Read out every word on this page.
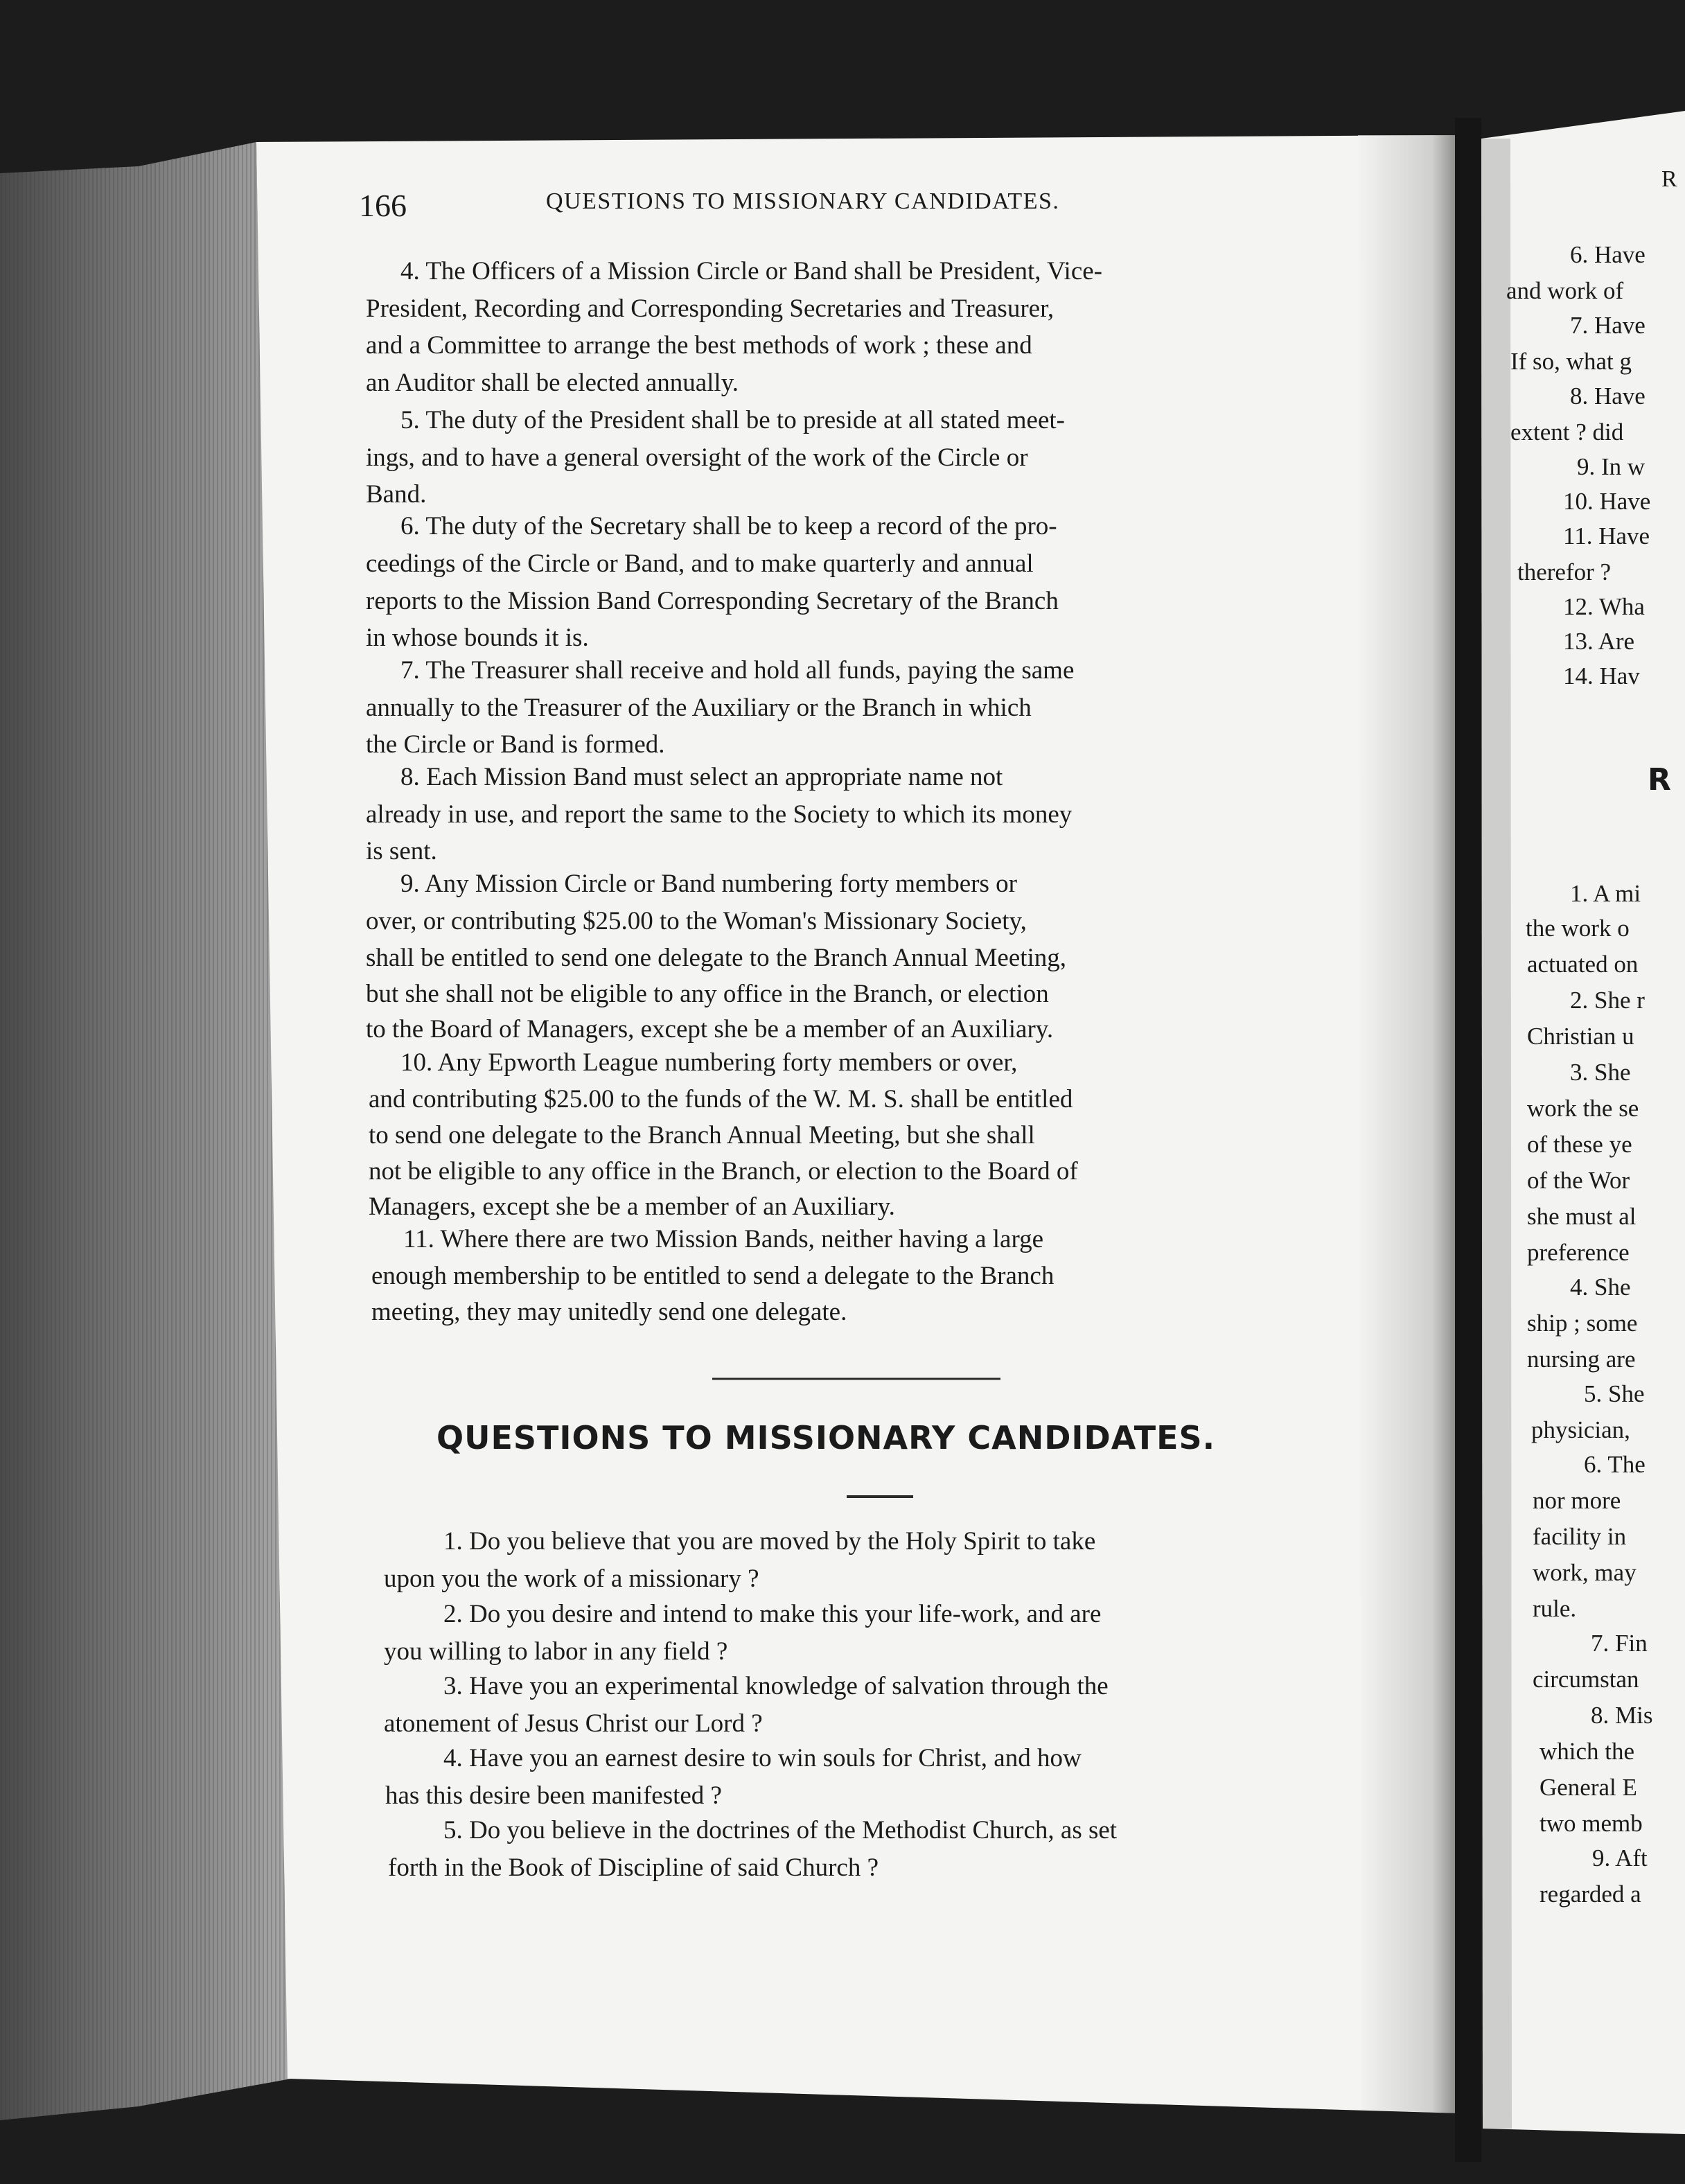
166	QUESTIONS TO MISSIONARY CANDIDATES.
4. The Officers of a Mission Circle or Band shall be President, Vice-
President, Recording and Corresponding Secretaries and Treasurer,
and a Committee to arrange the best methods of work ; these and
an Auditor shall be elected annually.
5. The duty of the President shall be to preside at all stated meet-
ings, and to have a general oversight of the work of the Circle or
Band.
6. The duty of the Secretary shall be to keep a record of the pro-
ceedings of the Circle or Band, and to make quarterly and annual
reports to the Mission Band Corresponding Secretary of the Branch
in whose bounds it is.
7. The Treasurer shall receive and hold all funds, paying the same
annually to the Treasurer of the Auxiliary or the Branch in which
the Circle or Band is formed.
8. Each Mission Band must select an appropriate name not
already in use, and report the same to the Society to which its money
is sent.
9. Any Mission Circle or Band numbering forty members or
over, or contributing $25.00 to the Woman's Missionary Society,
shall be entitled to send one delegate to the Branch Annual Meeting,
but she shall not be eligible to any office in the Branch, or election
to the Board of Managers, except she be a member of an Auxiliary.
10. Any Epworth League numbering forty members or over,
and contributing $25.00 to the funds of the W. M. S. shall be entitled
to send one delegate to the Branch Annual Meeting, but she shall
not be eligible to any office in the Branch, or election to the Board of
Managers, except she be a member of an Auxiliary.
11. Where there are two Mission Bands, neither having a large
enough membership to be entitled to send a delegate to the Branch
meeting, they may unitedly send one delegate.
QUESTIONS TO MISSIONARY CANDIDATES.
1. Do you believe that you are moved by the Holy Spirit to take
upon you the work of a missionary ?
2. Do you desire and intend to make this your life-work, and are
you willing to labor in any field ?
3. Have you an experimental knowledge of salvation through the
atonement of Jesus Christ our Lord ?
4. Have you an earnest desire to win souls for Christ, and how
has this desire been manifested ?
5. Do you believe in the doctrines of the Methodist Church, as set
forth in the Book of Discipline of said Church ?
R
6. Have
and work of
7. Have
If so, what g
8. Have
extent ? did
9. In w
10. Have
11. Have
therefor ?
12. Wha
13. Are
14. Hav
R
1. A mi
the work o
actuated on
2. She r
Christian u
3. She
work the se
of these ye
of the Wor
she must al
preference
4. She
ship ; some
nursing are
5. She
physician,
6. The
nor more
facility in
work, may
rule.
7. Fin
circumstan
8. Mis
which the
General E
two memb
9. Aft
regarded a
